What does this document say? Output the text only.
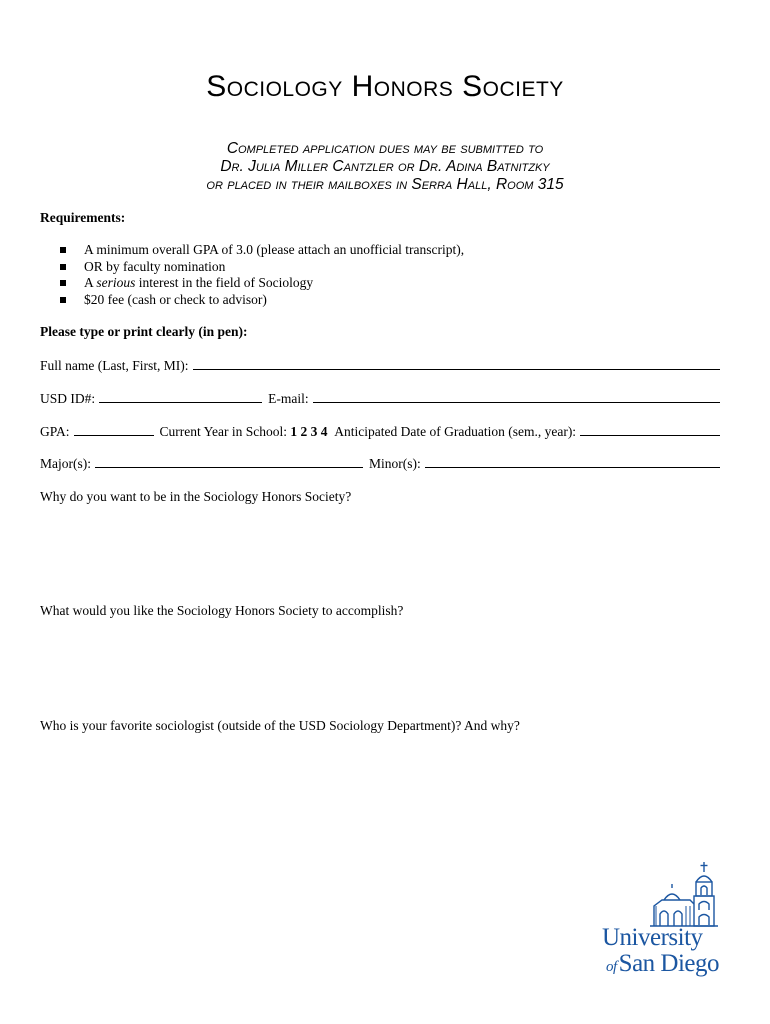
Sociology Honors Society
Completed application dues may be submitted to
Dr. Julia Miller Cantzler or Dr. Adina Batnitzky
or placed in their mailboxes in Serra Hall, Room 315
Requirements:
A minimum overall GPA of 3.0 (please attach an unofficial transcript),
OR by faculty nomination
A serious interest in the field of Sociology
$20 fee (cash or check to advisor)
Please type or print clearly (in pen):
Full name (Last, First, MI):
USD ID#:	E-mail:
GPA:	Current Year in School:
1 2 3 4
Anticipated Date of Graduation (sem., year):
Major(s):	Minor(s):
Why do you want to be in the Sociology Honors Society?
What would you like the Sociology Honors Society to accomplish?
Who is your favorite sociologist (outside of the USD Sociology Department)? And why?
University
ofSan Diego
